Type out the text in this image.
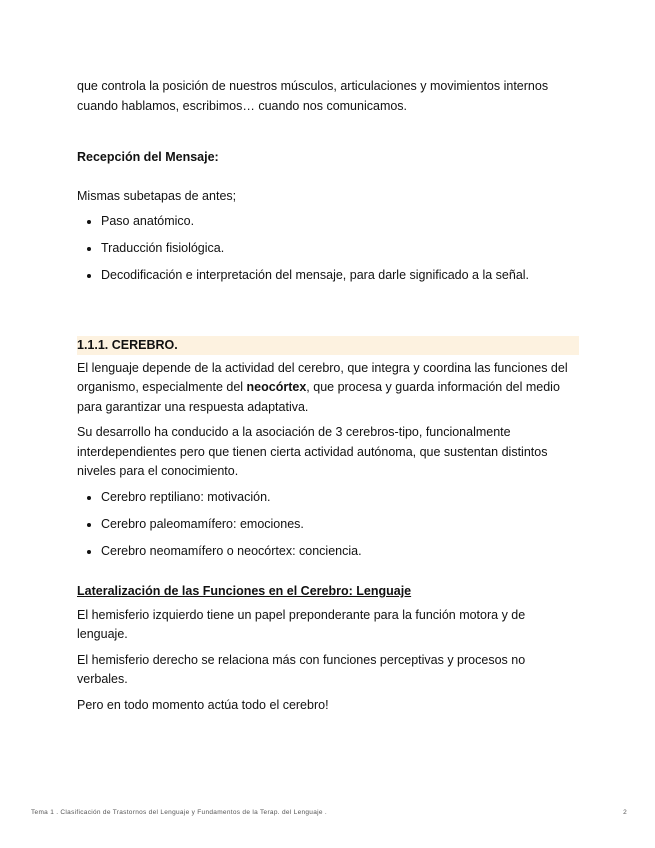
que controla la posición de nuestros músculos, articulaciones y movimientos internos cuando hablamos, escribimos… cuando nos comunicamos.

Recepción del Mensaje:

Mismas subetapas de antes;

• Paso anatómico.
• Traducción fisiológica.
• Decodificación e interpretación del mensaje, para darle significado a la señal.

1.1.1. CEREBRO.

El lenguaje depende de la actividad del cerebro, que integra y coordina las funciones del organismo, especialmente del neocórtex, que procesa y guarda información del medio para garantizar una respuesta adaptativa.

Su desarrollo ha conducido a la asociación de 3 cerebros-tipo, funcionalmente interdependientes pero que tienen cierta actividad autónoma, que sustentan distintos niveles para el conocimiento.

• Cerebro reptiliano: motivación.
• Cerebro paleomamífero: emociones.
• Cerebro neomamífero o neocórtex: conciencia.

Lateralización de las Funciones en el Cerebro: Lenguaje

El hemisferio izquierdo tiene un papel preponderante para la función motora y de lenguaje.

El hemisferio derecho se relaciona más con funciones perceptivas y procesos no verbales.

Pero en todo momento actúa todo el cerebro!

Tema 1 . Clasificación de Trastornos del Lenguaje y Fundamentos de la Terap. del Lenguaje .	2
